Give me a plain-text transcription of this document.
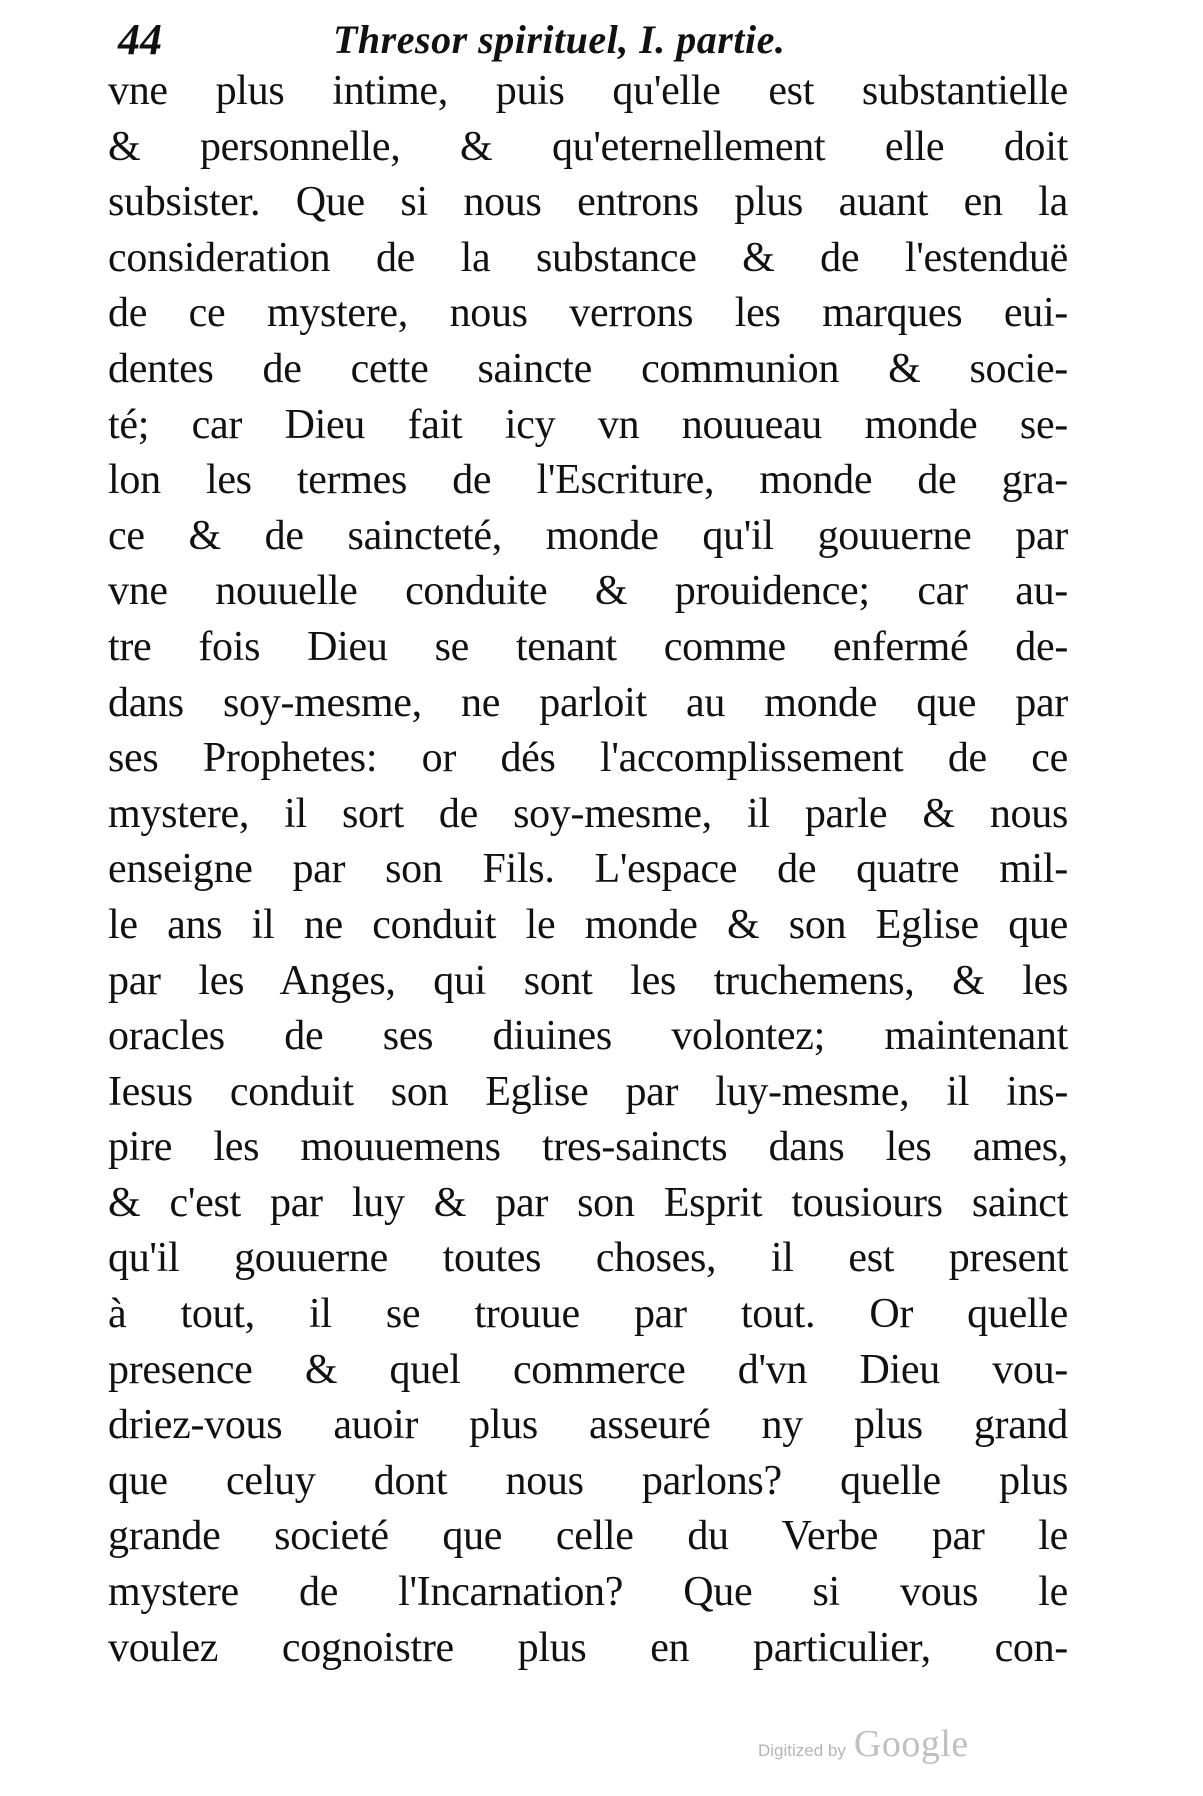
44	Thresor spirituel, I. partie.
vne plus intime, puis qu'elle est substantielle
& personnelle, & qu'eternellement elle doit
subsister. Que si nous entrons plus auant en la
consideration de la substance & de l'estenduë
de ce mystere, nous verrons les marques eui-
dentes de cette saincte communion & socie-
té; car Dieu fait icy vn nouueau monde se-
lon les termes de l'Escriture, monde de gra-
ce & de saincteté, monde qu'il gouuerne par
vne nouuelle conduite & prouidence; car au-
tre fois Dieu se tenant comme enfermé de-
dans soy-mesme, ne parloit au monde que par
ses Prophetes: or dés l'accomplissement de ce
mystere, il sort de soy-mesme, il parle & nous
enseigne par son Fils. L'espace de quatre mil-
le ans il ne conduit le monde & son Eglise que
par les Anges, qui sont les truchemens, & les
oracles de ses diuines volontez; maintenant
Iesus conduit son Eglise par luy-mesme, il ins-
pire les mouuemens tres-saincts dans les ames,
& c'est par luy & par son Esprit tousiours sainct
qu'il gouuerne toutes choses, il est present
à tout, il se trouue par tout. Or quelle
presence & quel commerce d'vn Dieu vou-
driez-vous auoir plus asseuré ny plus grand
que celuy dont nous parlons? quelle plus
grande societé que celle du Verbe par le
mystere de l'Incarnation? Que si vous le
voulez cognoistre plus en particulier, con-
Digitized by Google
